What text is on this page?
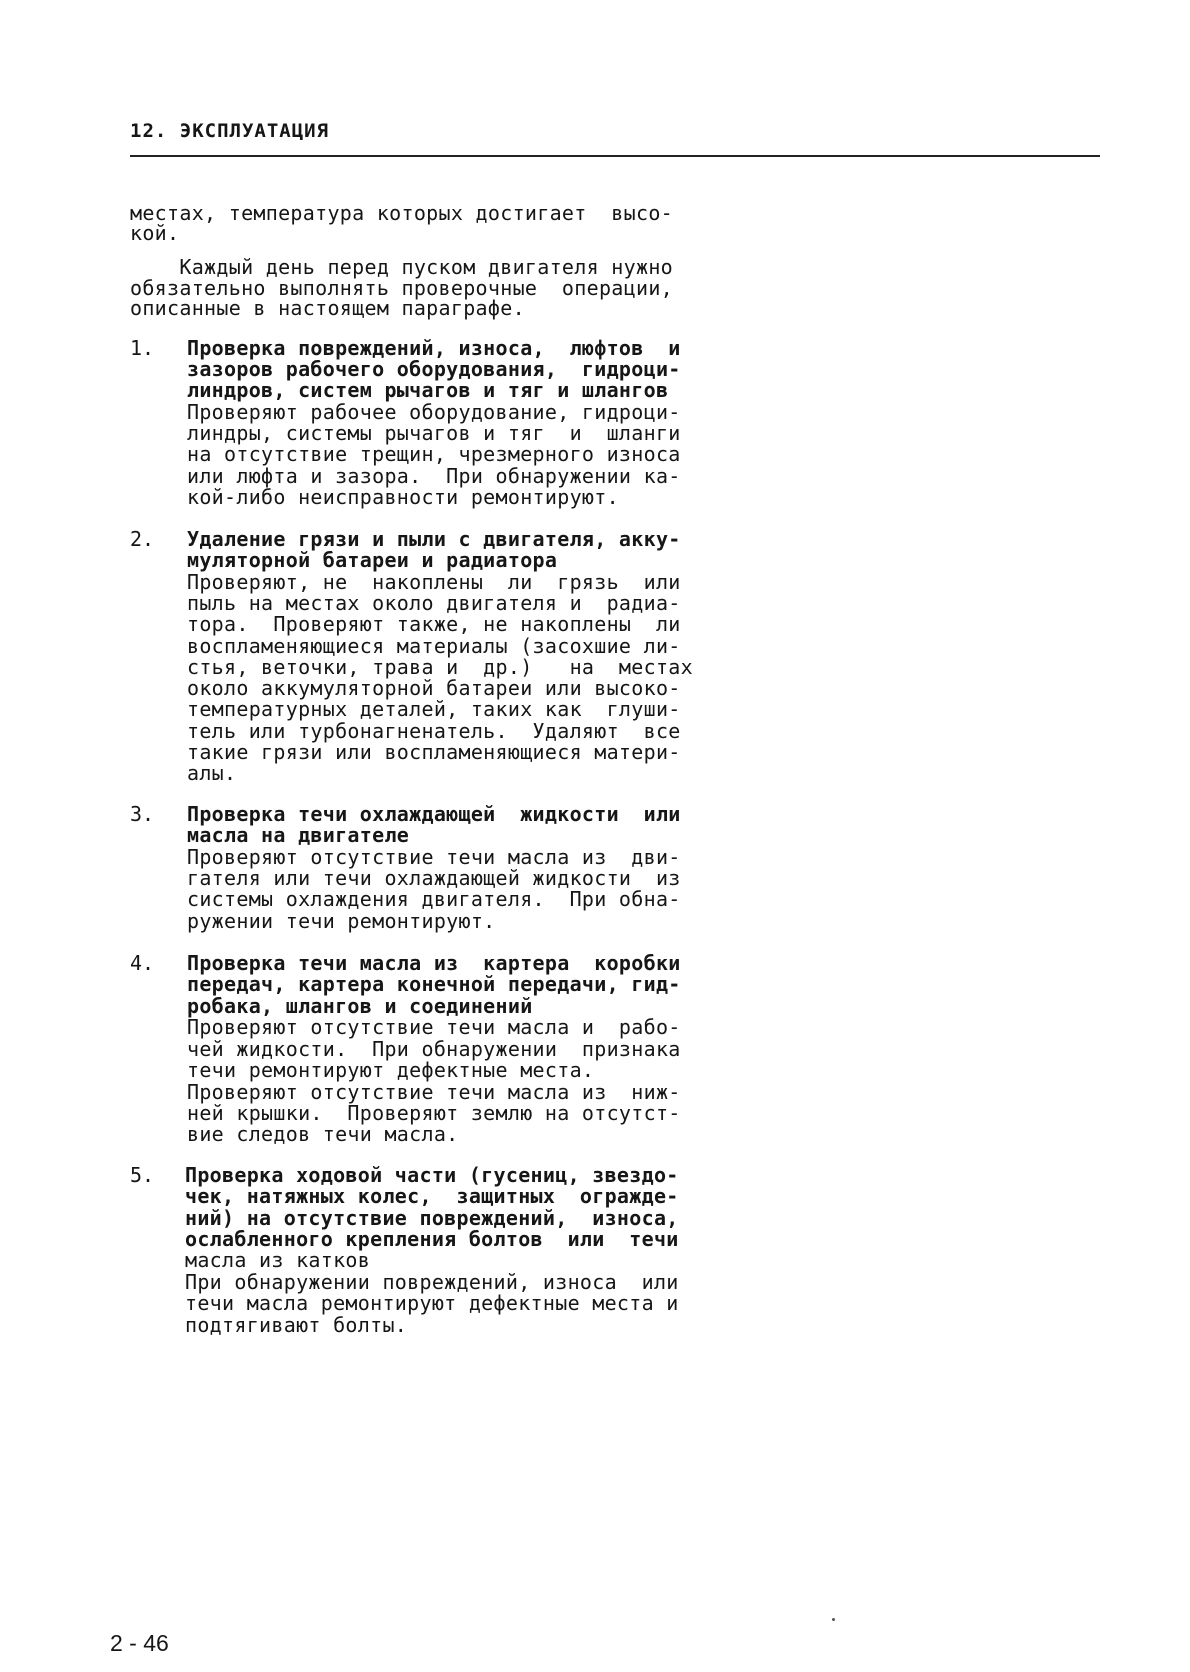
12. ЭКСПЛУАТАЦИЯ
местах, температура которых достигает  высо-
кой.
Каждый день перед пуском двигателя нужно
обязательно выполнять проверочные  операции,
описанные в настоящем параграфе.
1. Проверка повреждений, износа,  люфтов  и
зазоров рабочего оборудования,  гидроци-
линдров, систем рычагов и тяг и шлангов
Проверяют рабочее оборудование, гидроци-
линдры, системы рычагов и тяг  и  шланги
на отсутствие трещин, чрезмерного износа
или люфта и зазора.  При обнаружении ка-
кой-либо неисправности ремонтируют.
2. Удаление грязи и пыли с двигателя, акку-
муляторной батареи и радиатора
Проверяют, не  накоплены  ли  грязь  или
пыль на местах около двигателя и  радиа-
тора.  Проверяют также, не накоплены  ли
воспламеняющиеся материалы (засохшие ли-
стья, веточки, трава и  др.)   на  местах
около аккумуляторной батареи или высоко-
температурных деталей, таких как  глуши-
тель или турбонагненатель.  Удаляют  все
такие грязи или воспламеняющиеся матери-
алы.
3. Проверка течи охлаждающей  жидкости  или
масла на двигателе
Проверяют отсутствие течи масла из  дви-
гателя или течи охлаждающей жидкости  из
системы охлаждения двигателя.  При обна-
ружении течи ремонтируют.
4. Проверка течи масла из  картера  коробки
передач, картера конечной передачи, гид-
робака, шлангов и соединений
Проверяют отсутствие течи масла и  рабо-
чей жидкости.  При обнаружении  признака
течи ремонтируют дефектные места.
Проверяют отсутствие течи масла из  ниж-
ней крышки.  Проверяют землю на отсутст-
вие следов течи масла.
5. Проверка ходовой части (гусениц, звездо-
чек, натяжных колес,  защитных  огражде-
ний) на отсутствие повреждений,  износа,
ослабленного крепления болтов  или  течи
масла из катков
При обнаружении повреждений, износа  или
течи масла ремонтируют дефектные места и
подтягивают болты.
2 - 46
